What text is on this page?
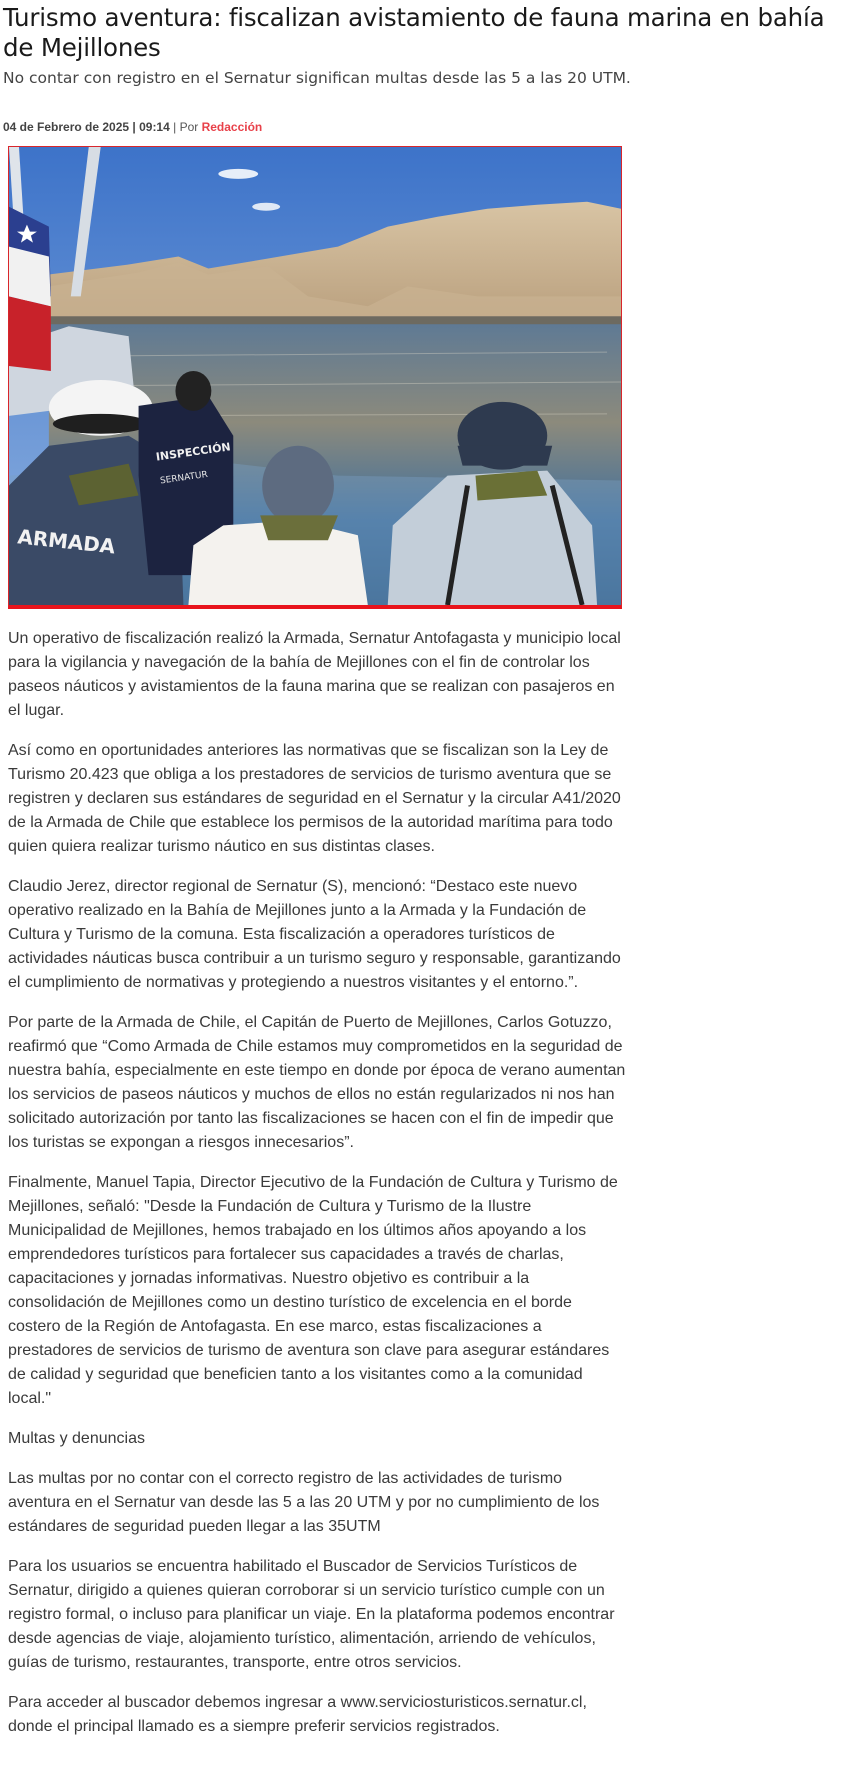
Turismo aventura: fiscalizan avistamiento de fauna marina en bahía de Mejillones
No contar con registro en el Sernatur significan multas desde las 5 a las 20 UTM.
04 de Febrero de 2025 | 09:14 | Por Redacción
ARMADA
INSPECCIÓN
SERNATUR

Un operativo de fiscalización realizó la Armada, Sernatur Antofagasta y municipio local para la vigilancia y navegación de la bahía de Mejillones con el fin de controlar los paseos náuticos y avistamientos de la fauna marina que se realizan con pasajeros en el lugar.

Así como en oportunidades anteriores las normativas que se fiscalizan son la Ley de Turismo 20.423 que obliga a los prestadores de servicios de turismo aventura que se registren y declaren sus estándares de seguridad en el Sernatur y la circular A41/2020 de la Armada de Chile que establece los permisos de la autoridad marítima para todo quien quiera realizar turismo náutico en sus distintas clases.

Claudio Jerez, director regional de Sernatur (S), mencionó: “Destaco este nuevo operativo realizado en la Bahía de Mejillones junto a la Armada y la Fundación de Cultura y Turismo de la comuna. Esta fiscalización a operadores turísticos de actividades náuticas busca contribuir a un turismo seguro y responsable, garantizando el cumplimiento de normativas y protegiendo a nuestros visitantes y el entorno.”.

Por parte de la Armada de Chile, el Capitán de Puerto de Mejillones, Carlos Gotuzzo, reafirmó que “Como Armada de Chile estamos muy comprometidos en la seguridad de nuestra bahía, especialmente en este tiempo en donde por época de verano aumentan los servicios de paseos náuticos y muchos de ellos no están regularizados ni nos han solicitado autorización por tanto las fiscalizaciones se hacen con el fin de impedir que los turistas se expongan a riesgos innecesarios”.

Finalmente, Manuel Tapia, Director Ejecutivo de la Fundación de Cultura y Turismo de Mejillones, señaló: "Desde la Fundación de Cultura y Turismo de la Ilustre Municipalidad de Mejillones, hemos trabajado en los últimos años apoyando a los emprendedores turísticos para fortalecer sus capacidades a través de charlas, capacitaciones y jornadas informativas. Nuestro objetivo es contribuir a la consolidación de Mejillones como un destino turístico de excelencia en el borde costero de la Región de Antofagasta. En ese marco, estas fiscalizaciones a prestadores de servicios de turismo de aventura son clave para asegurar estándares de calidad y seguridad que beneficien tanto a los visitantes como a la comunidad local."

Multas y denuncias

Las multas por no contar con el correcto registro de las actividades de turismo aventura en el Sernatur van desde las 5 a las 20 UTM y por no cumplimiento de los estándares de seguridad pueden llegar a las 35UTM

Para los usuarios se encuentra habilitado el Buscador de Servicios Turísticos de Sernatur, dirigido a quienes quieran corroborar si un servicio turístico cumple con un registro formal, o incluso para planificar un viaje. En la plataforma podemos encontrar desde agencias de viaje, alojamiento turístico, alimentación, arriendo de vehículos, guías de turismo, restaurantes, transporte, entre otros servicios.

Para acceder al buscador debemos ingresar a www.serviciosturisticos.sernatur.cl, donde el principal llamado es a siempre preferir servicios registrados.
